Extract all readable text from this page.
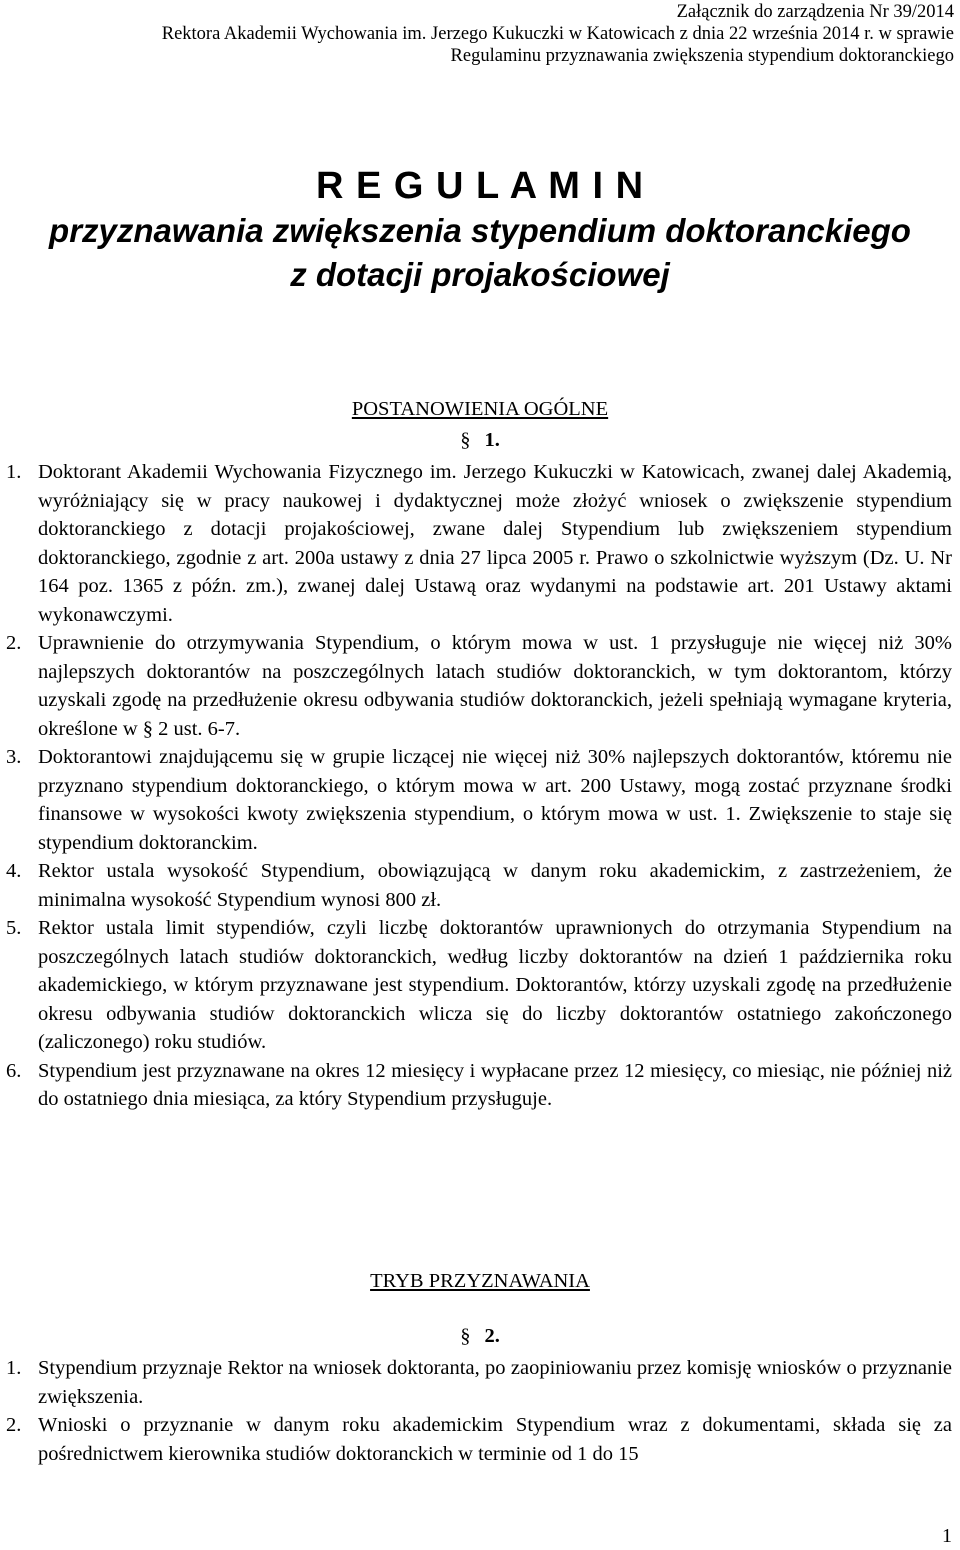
Załącznik do zarządzenia Nr 39/2014
Rektora Akademii Wychowania im. Jerzego Kukuczki w Katowicach z dnia 22 września 2014 r. w sprawie
Regulaminu przyznawania zwiększenia stypendium doktoranckiego
R E G U L A M I N
przyznawania zwiększenia stypendium doktoranckiego
z dotacji projakościowej
POSTANOWIENIA OGÓLNE
§ 1.
1. Doktorant Akademii Wychowania Fizycznego im. Jerzego Kukuczki w Katowicach, zwanej dalej Akademią, wyróżniający się w pracy naukowej i dydaktycznej może złożyć wniosek o zwiększenie stypendium doktoranckiego z dotacji projakościowej, zwane dalej Stypendium lub zwiększeniem stypendium doktoranckiego, zgodnie z art. 200a ustawy z dnia 27 lipca 2005 r. Prawo o szkolnictwie wyższym (Dz. U. Nr 164 poz. 1365 z późn. zm.), zwanej dalej Ustawą oraz wydanymi na podstawie art. 201 Ustawy aktami wykonawczymi.
2. Uprawnienie do otrzymywania Stypendium, o którym mowa w ust. 1 przysługuje nie więcej niż 30% najlepszych doktorantów na poszczególnych latach studiów doktoranckich, w tym doktorantom, którzy uzyskali zgodę na przedłużenie okresu odbywania studiów doktoranckich, jeżeli spełniają wymagane kryteria, określone w § 2 ust. 6-7.
3. Doktorantowi znajdującemu się w grupie liczącej nie więcej niż 30% najlepszych doktorantów, któremu nie przyznano stypendium doktoranckiego, o którym mowa w art. 200 Ustawy, mogą zostać przyznane środki finansowe w wysokości kwoty zwiększenia stypendium, o którym mowa w ust. 1. Zwiększenie to staje się stypendium doktoranckim.
4. Rektor ustala wysokość Stypendium, obowiązującą w danym roku akademickim, z zastrzeżeniem, że minimalna wysokość Stypendium wynosi 800 zł.
5. Rektor ustala limit stypendiów, czyli liczbę doktorantów uprawnionych do otrzymania Stypendium na poszczególnych latach studiów doktoranckich, według liczby doktorantów na dzień 1 października roku akademickiego, w którym przyznawane jest stypendium. Doktorantów, którzy uzyskali zgodę na przedłużenie okresu odbywania studiów doktoranckich wlicza się do liczby doktorantów ostatniego zakończonego (zaliczonego) roku studiów.
6. Stypendium jest przyznawane na okres 12 miesięcy i wypłacane przez 12 miesięcy, co miesiąc, nie później niż do ostatniego dnia miesiąca, za który Stypendium przysługuje.
TRYB PRZYZNAWANIA
§ 2.
1. Stypendium przyznaje Rektor na wniosek doktoranta, po zaopiniowaniu przez komisję wniosków o przyznanie zwiększenia.
2. Wnioski o przyznanie w danym roku akademickim Stypendium wraz z dokumentami, składa się za pośrednictwem kierownika studiów doktoranckich w terminie od 1 do 15
1
